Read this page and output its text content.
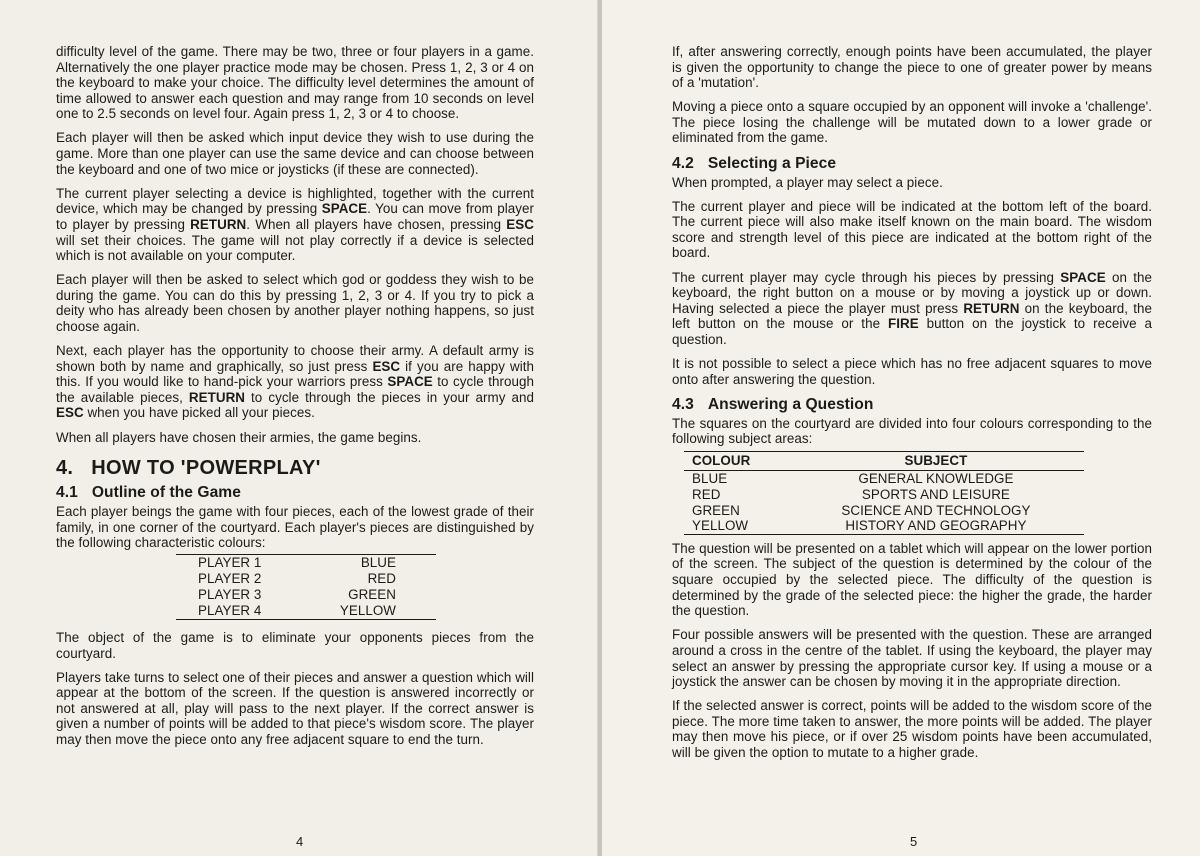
difficulty level of the game. There may be two, three or four players in a game. Alternatively the one player practice mode may be chosen. Press 1, 2, 3 or 4 on the keyboard to make your choice. The difficulty level determines the amount of time allowed to answer each question and may range from 10 seconds on level one to 2.5 seconds on level four. Again press 1, 2, 3 or 4 to choose.

Each player will then be asked which input device they wish to use during the game. More than one player can use the same device and can choose between the keyboard and one of two mice or joysticks (if these are connected).

The current player selecting a device is highlighted, together with the current device, which may be changed by pressing SPACE. You can move from player to player by pressing RETURN. When all players have chosen, pressing ESC will set their choices. The game will not play correctly if a device is selected which is not available on your computer.

Each player will then be asked to select which god or goddess they wish to be during the game. You can do this by pressing 1, 2, 3 or 4. If you try to pick a deity who has already been chosen by another player nothing happens, so just choose again.

Next, each player has the opportunity to choose their army. A default army is shown both by name and graphically, so just press ESC if you are happy with this. If you would like to hand-pick your warriors press SPACE to cycle through the available pieces, RETURN to cycle through the pieces in your army and ESC when you have picked all your pieces.

When all players have chosen their armies, the game begins.

4. HOW TO 'POWERPLAY'
4.1 Outline of the Game

Each player beings the game with four pieces, each of the lowest grade of their family, in one corner of the courtyard. Each player's pieces are distinguished by the following characteristic colours:

PLAYER 1	BLUE
PLAYER 2	RED
PLAYER 3	GREEN
PLAYER 4	YELLOW

The object of the game is to eliminate your opponents pieces from the courtyard.

Players take turns to select one of their pieces and answer a question which will appear at the bottom of the screen. If the question is answered incorrectly or not answered at all, play will pass to the next player. If the correct answer is given a number of points will be added to that piece's wisdom score. The player may then move the piece onto any free adjacent square to end the turn.

4

If, after answering correctly, enough points have been accumulated, the player is given the opportunity to change the piece to one of greater power by means of a 'mutation'.

Moving a piece onto a square occupied by an opponent will invoke a 'challenge'. The piece losing the challenge will be mutated down to a lower grade or eliminated from the game.

4.2 Selecting a Piece

When prompted, a player may select a piece.

The current player and piece will be indicated at the bottom left of the board. The current piece will also make itself known on the main board. The wisdom score and strength level of this piece are indicated at the bottom right of the board.

The current player may cycle through his pieces by pressing SPACE on the keyboard, the right button on a mouse or by moving a joystick up or down. Having selected a piece the player must press RETURN on the keyboard, the left button on the mouse or the FIRE button on the joystick to receive a question.

It is not possible to select a piece which has no free adjacent squares to move onto after answering the question.

4.3 Answering a Question

The squares on the courtyard are divided into four colours corresponding to the following subject areas:

COLOUR	SUBJECT
BLUE	GENERAL KNOWLEDGE
RED	SPORTS AND LEISURE
GREEN	SCIENCE AND TECHNOLOGY
YELLOW	HISTORY AND GEOGRAPHY

The question will be presented on a tablet which will appear on the lower portion of the screen. The subject of the question is determined by the colour of the square occupied by the selected piece. The difficulty of the question is determined by the grade of the selected piece: the higher the grade, the harder the question.

Four possible answers will be presented with the question. These are arranged around a cross in the centre of the tablet. If using the keyboard, the player may select an answer by pressing the appropriate cursor key. If using a mouse or a joystick the answer can be chosen by moving it in the appropriate direction.

If the selected answer is correct, points will be added to the wisdom score of the piece. The more time taken to answer, the more points will be added. The player may then move his piece, or if over 25 wisdom points have been accumulated, will be given the option to mutate to a higher grade.

5
